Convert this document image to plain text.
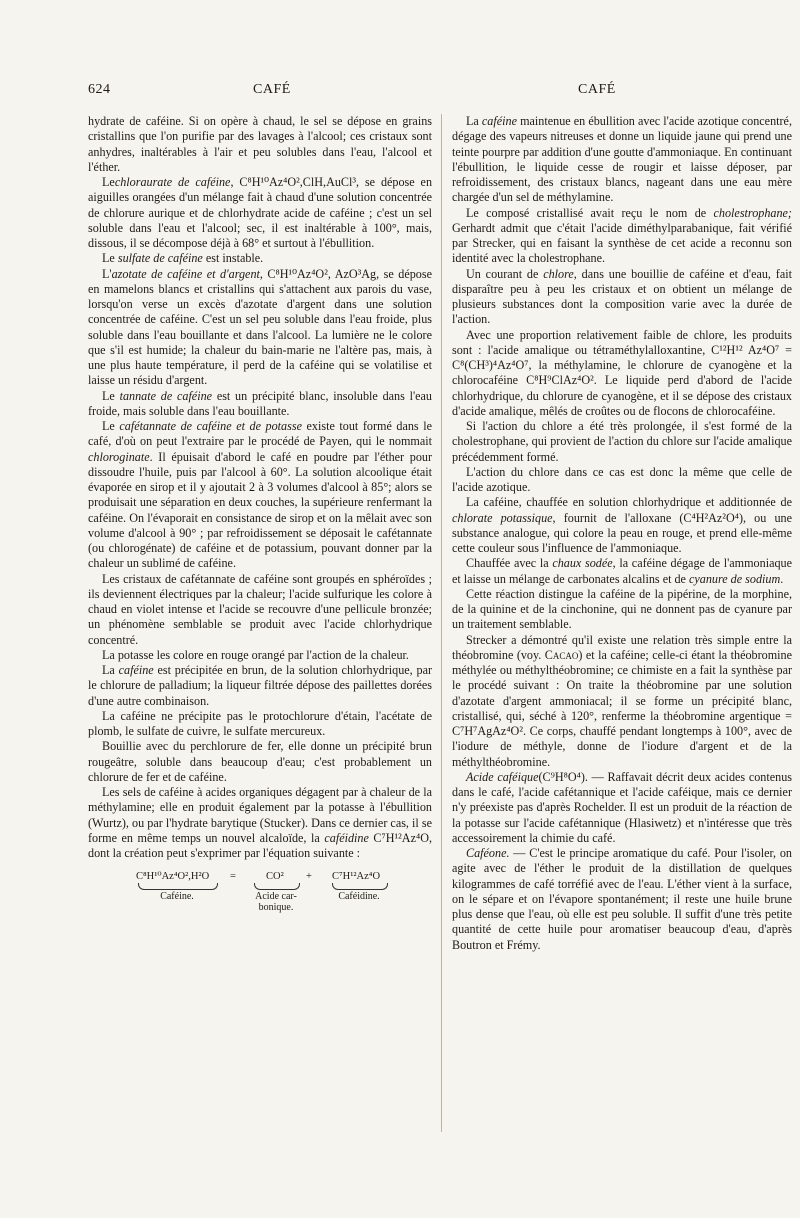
624	CAFÉ	CAFÉ

hydrate de caféine. Si on opère à chaud, le sel se dépose en grains cristallins que l'on purifie par des lavages à l'alcool; ces cristaux sont anhydres, inaltérables à l'air et peu solubles dans l'eau, l'alcool et l'éther.

Lechloraurate de caféine, C⁸H¹⁰Az⁴O²,ClH,AuCl³, se dépose en aiguilles orangées d'un mélange fait à chaud d'une solution concentrée de chlorure aurique et de chlorhydrate acide de caféine ; c'est un sel soluble dans l'eau et l'alcool; sec, il est inaltérable à 100°, mais, dissous, il se décompose déjà à 68° et surtout à l'ébullition.

Le sulfate de caféine est instable.

L'azotate de caféine et d'argent, C⁸H¹⁰Az⁴O², AzO³Ag, se dépose en mamelons blancs et cristallins qui s'attachent aux parois du vase, lorsqu'on verse un excès d'azotate d'argent dans une solution concentrée de caféine. C'est un sel peu soluble dans l'eau froide, plus soluble dans l'eau bouillante et dans l'alcool. La lumière ne le colore que s'il est humide; la chaleur du bain-marie ne l'altère pas, mais, à une plus haute température, il perd de la caféine qui se volatilise et laisse un résidu d'argent.

Le tannate de caféine est un précipité blanc, insoluble dans l'eau froide, mais soluble dans l'eau bouillante.

Le cafétannate de caféine et de potasse existe tout formé dans le café, d'où on peut l'extraire par le procédé de Payen, qui le nommait chloroginate. Il épuisait d'abord le café en poudre par l'éther pour dissoudre l'huile, puis par l'alcool à 60°. La solution alcoolique était évaporée en sirop et il y ajoutait 2 à 3 volumes d'alcool à 85°; alors se produisait une séparation en deux couches, la supérieure renfermant la caféine. On l'évaporait en consistance de sirop et on la mêlait avec son volume d'alcool à 90° ; par refroidissement se déposait le cafétannate (ou chlorogénate) de caféine et de potassium, pouvant donner par la chaleur un sublimé de caféine.

Les cristaux de cafétannate de caféine sont groupés en sphéroïdes ; ils deviennent électriques par la chaleur; l'acide sulfurique les colore à chaud en violet intense et l'acide se recouvre d'une pellicule bronzée; un phénomène semblable se produit avec l'acide chlorhydrique concentré.

La potasse les colore en rouge orangé par l'action de la chaleur.

La caféine est précipitée en brun, de la solution chlorhydrique, par le chlorure de palladium; la liqueur filtrée dépose des paillettes dorées d'une autre combinaison.

La caféine ne précipite pas le protochlorure d'étain, l'acétate de plomb, le sulfate de cuivre, le sulfate mercureux.

Bouillie avec du perchlorure de fer, elle donne un précipité brun rougeâtre, soluble dans beaucoup d'eau; c'est probablement un chlorure de fer et de caféine.

Les sels de caféine à acides organiques dégagent par à chaleur de la méthylamine; elle en produit également par la potasse à l'ébullition (Wurtz), ou par l'hydrate barytique (Stucker). Dans ce dernier cas, il se forme en même temps un nouvel alcaloïde, la caféidine C⁷H¹²Az⁴O, dont la création peut s'exprimer par l'équation suivante :

C⁸H¹⁰Az⁴O²,H²O =	CO² + C⁷H¹²Az⁴O
Caféine.	Acide car-
bonique.
Caféidine.

La caféine maintenue en ébullition avec l'acide azotique concentré, dégage des vapeurs nitreuses et donne un liquide jaune qui prend une teinte pourpre par addition d'une goutte d'ammoniaque. En continuant l'ébullition, le liquide cesse de rougir et laisse déposer, par refroidissement, des cristaux blancs, nageant dans une eau mère chargée d'un sel de méthylamine.

Le composé cristallisé avait reçu le nom de cholestrophane; Gerhardt admit que c'était l'acide diméthylparabanique, fait vérifié par Strecker, qui en faisant la synthèse de cet acide a reconnu son identité avec la cholestrophane.

Un courant de chlore, dans une bouillie de caféine et d'eau, fait disparaître peu à peu les cristaux et on obtient un mélange de plusieurs substances dont la composition varie avec la durée de l'action.

Avec une proportion relativement faible de chlore, les produits sont : l'acide amalique ou tétraméthylalloxantine, C¹²H¹² Az⁴O⁷ = C⁸(CH³)⁴Az⁴O⁷, la méthylamine, le chlorure de cyanogène et la chlorocaféine C⁸H⁹ClAz⁴O². Le liquide perd d'abord de l'acide chlorhydrique, du chlorure de cyanogène, et il se dépose des cristaux d'acide amalique, mêlés de croûtes ou de flocons de chlorocaféine.

Si l'action du chlore a été très prolongée, il s'est formé de la cholestrophane, qui provient de l'action du chlore sur l'acide amalique précédemment formé.

L'action du chlore dans ce cas est donc la même que celle de l'acide azotique.

La caféine, chauffée en solution chlorhydrique et additionnée de chlorate potassique, fournit de l'alloxane (C⁴H²Az²O⁴), ou une substance analogue, qui colore la peau en rouge, et prend elle-même cette couleur sous l'influence de l'ammoniaque.

Chauffée avec la chaux sodée, la caféine dégage de l'ammoniaque et laisse un mélange de carbonates alcalins et de cyanure de sodium.

Cette réaction distingue la caféine de la pipérine, de la morphine, de la quinine et de la cinchonine, qui ne donnent pas de cyanure par un traitement semblable.

Strecker a démontré qu'il existe une relation très simple entre la théobromine (voy. Cacao) et la caféine; celle-ci étant la théobromine méthylée ou méthylthéobromine; ce chimiste en a fait la synthèse par le procédé suivant : On traite la théobromine par une solution d'azotate d'argent ammoniacal; il se forme un précipité blanc, cristallisé, qui, séché à 120°, renferme la théobromine argentique = C⁷H⁷AgAz⁴O². Ce corps, chauffé pendant longtemps à 100°, avec de l'iodure de méthyle, donne de l'iodure d'argent et de la méthylthéobromine.

Acide caféique(C⁹H⁸O⁴). — Raffavait décrit deux acides contenus dans le café, l'acide cafétannique et l'acide caféique, mais ce dernier n'y préexiste pas d'après Rochelder. Il est un produit de la réaction de la potasse sur l'acide cafétannique (Hlasiwetz) et n'intéresse que très accessoirement la chimie du café.

Caféone. — C'est le principe aromatique du café. Pour l'isoler, on agite avec de l'éther le produit de la distillation de quelques kilogrammes de café torréfié avec de l'eau. L'éther vient à la surface, on le sépare et on l'évapore spontanément; il reste une huile brune plus dense que l'eau, où elle est peu soluble. Il suffit d'une très petite quantité de cette huile pour aromatiser beaucoup d'eau, d'après Boutron et Frémy.
